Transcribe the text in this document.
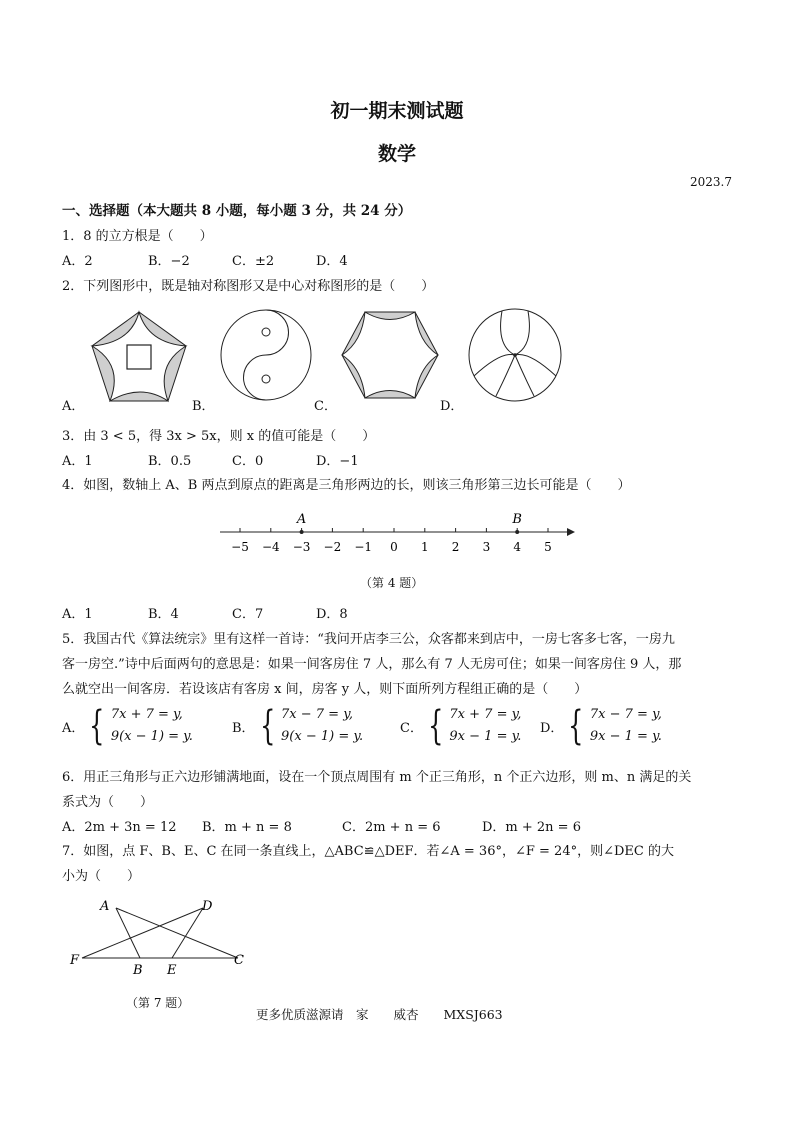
初一期末测试题
数学
2023.7
一、选择题（本大题共 8 小题，每小题 3 分，共 24 分）
1．8 的立方根是（　　）
A．2	B．−2	C．±2	D．4
2．下列图形中，既是轴对称图形又是中心对称图形的是（　　）
A．	B．	C．	D．
3．由 3 < 5，得 3x > 5x，则 x 的值可能是（　　）
A．1	B．0.5	C．0	D．−1
4．如图，数轴上 A、B 两点到原点的距离是三角形两边的长，则该三角形第三边长可能是（　　）
−5 −4 −3 −2 −1 0 1 2 3 4 5
A	B
（第 4 题）
A．1	B．4	C．7	D．8
5．我国古代《算法统宗》里有这样一首诗：“我问开店李三公，众客都来到店中，一房七客多七客，一房九
客一房空.”诗中后面两句的意思是：如果一间客房住 7 人，那么有 7 人无房可住；如果一间客房住 9 人，那
么就空出一间客房．若设该店有客房 x 间，房客 y 人，则下面所列方程组正确的是（　　）
A． { 7x + 7 = y,
9(x − 1) = y.
B． { 7x − 7 = y,
9(x − 1) = y.
C． { 7x + 7 = y,
9x − 1 = y.
D． { 7x − 7 = y,
9x − 1 = y.
6．用正三角形与正六边形铺满地面，设在一个顶点周围有 m 个正三角形，n 个正六边形，则 m、n 满足的关
系式为（　　）
A．2m + 3n = 12 B．m + n = 8	C．2m + n = 6	D．m + 2n = 6
7．如图，点 F、B、E、C 在同一条直线上，△ABC≌△DEF．若∠A = 36°，∠F = 24°，则∠DEC 的大
小为（　　）
A	D
F
B E
C
（第 7 题）
更多优质滋源请　家　　威杏　　MXSJ663
